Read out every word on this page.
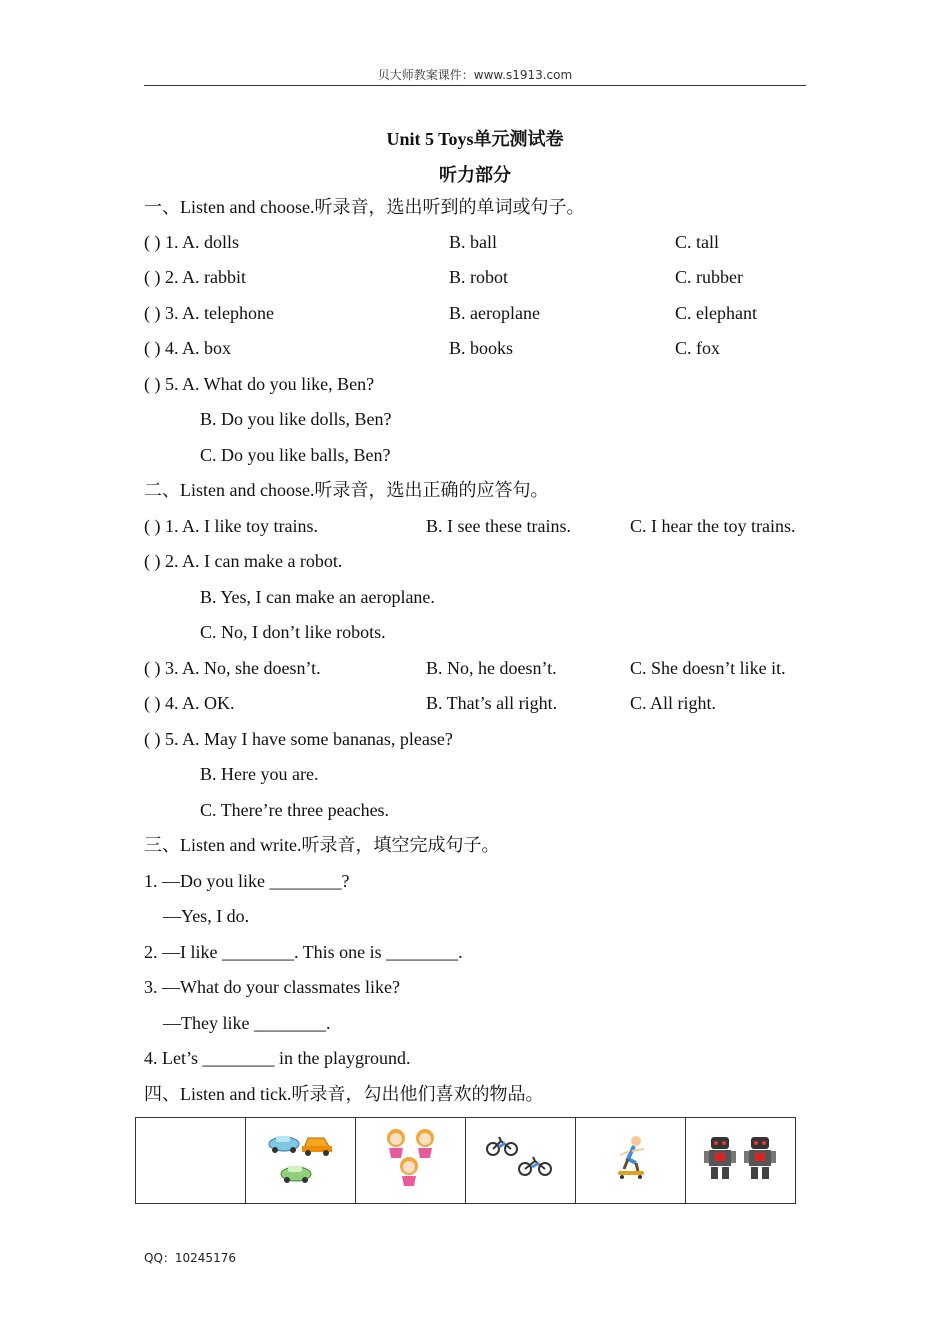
贝大师教案课件：www.s1913.com
Unit 5 Toys单元测试卷
听力部分
一、Listen and choose.听录音，选出听到的单词或句子。
( ) 1. A. dolls	B. ball	C. tall
( ) 2. A. rabbit	B. robot	C. rubber
( ) 3. A. telephone	B. aeroplane	C. elephant
( ) 4. A. box	B. books	C. fox
( ) 5. A. What do you like, Ben?
B. Do you like dolls, Ben?
C. Do you like balls, Ben?
二、Listen and choose.听录音，选出正确的应答句。
( ) 1. A. I like toy trains.	B. I see these trains.	C. I hear the toy trains.
( ) 2. A. I can make a robot.
B. Yes, I can make an aeroplane.
C. No, I don’t like robots.
( ) 3. A. No, she doesn’t.	B. No, he doesn’t.	C. She doesn’t like it.
( ) 4. A. OK.	B. That’s all right.	C. All right.
( ) 5. A. May I have some bananas, please?
B. Here you are.
C. There’re three peaches.
三、Listen and write.听录音，填空完成句子。
1. —Do you like ________?
—Yes, I do.
2. —I like ________. This one is ________.
3. —What do your classmates like?
—They like ________.
4. Let’s ________ in the playground.
四、Listen and tick.听录音，勾出他们喜欢的物品。

QQ：10245176
